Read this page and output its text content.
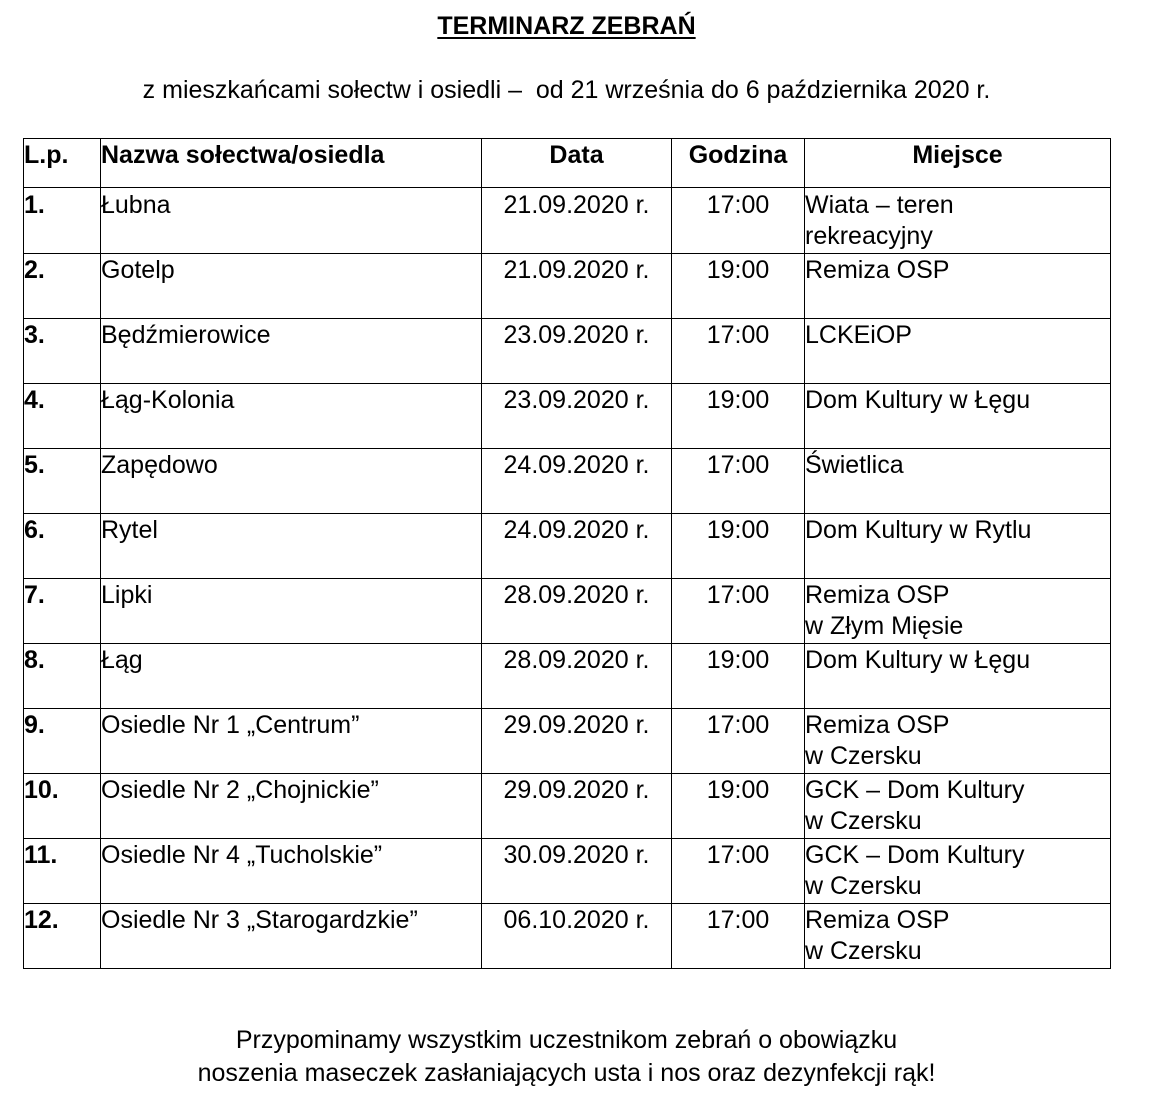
TERMINARZ ZEBRAŃ
z mieszkańcami sołectw i osiedli –  od 21 września do 6 października 2020 r.
L.p.	Nazwa sołectwa/osiedla	Data	Godzina	Miejsce
1.	Łubna	21.09.2020 r.	17:00	Wiata – teren
rekreacyjny
2.	Gotelp	21.09.2020 r.	19:00	Remiza OSP
3.	Będźmierowice	23.09.2020 r.	17:00	LCKEiOP
4.	Łąg-Kolonia	23.09.2020 r.	19:00	Dom Kultury w Łęgu
5.	Zapędowo	24.09.2020 r.	17:00	Świetlica
6.	Rytel	24.09.2020 r.	19:00	Dom Kultury w Rytlu
7.	Lipki	28.09.2020 r.	17:00	Remiza OSP
w Złym Mięsie
8.	Łąg	28.09.2020 r.	19:00	Dom Kultury w Łęgu
9.	Osiedle Nr 1 „Centrum”	29.09.2020 r.	17:00	Remiza OSP
w Czersku
10.	Osiedle Nr 2 „Chojnickie”	29.09.2020 r.	19:00	GCK – Dom Kultury
w Czersku
11.	Osiedle Nr 4 „Tucholskie”	30.09.2020 r.	17:00	GCK – Dom Kultury
w Czersku
12.	Osiedle Nr 3 „Starogardzkie”	06.10.2020 r.	17:00	Remiza OSP
w Czersku
Przypominamy wszystkim uczestnikom zebrań o obowiązku
noszenia maseczek zasłaniających usta i nos oraz dezynfekcji rąk!
